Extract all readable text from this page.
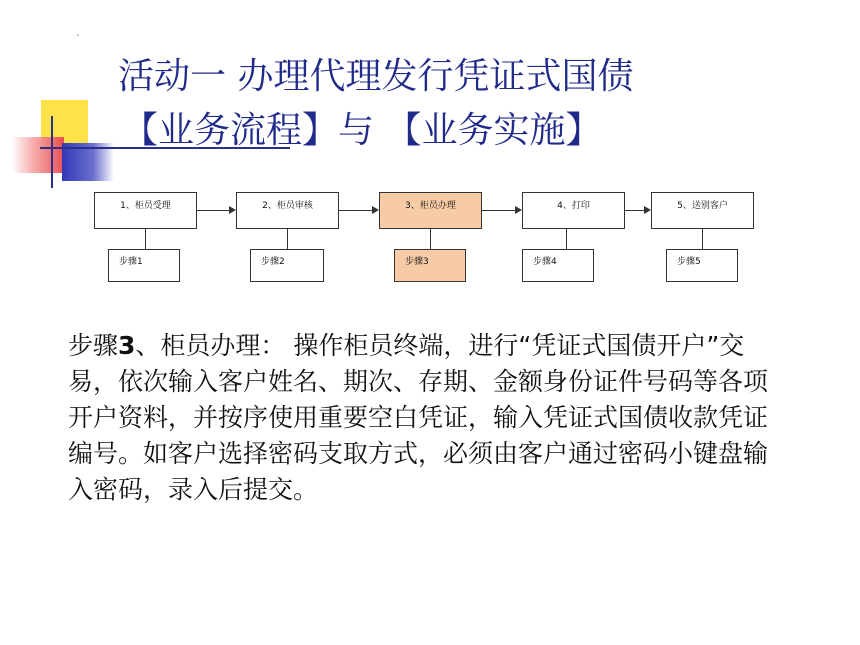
活动一 办理代理发行凭证式国债
【业务流程】与 【业务实施】
1、柜员受理	2、柜员审核	3、柜员办理	4、打印	5、送别客户
步骤1	步骤2	步骤3	步骤4	步骤5
步骤3、柜员办理： 操作柜员终端，进行“凭证式国债开户”交易，依次输入客户姓名、期次、存期、金额身份证件号码等各项开户资料，并按序使用重要空白凭证，输入凭证式国债收款凭证编号。如客户选择密码支取方式，必须由客户通过密码小键盘输入密码，录入后提交。
